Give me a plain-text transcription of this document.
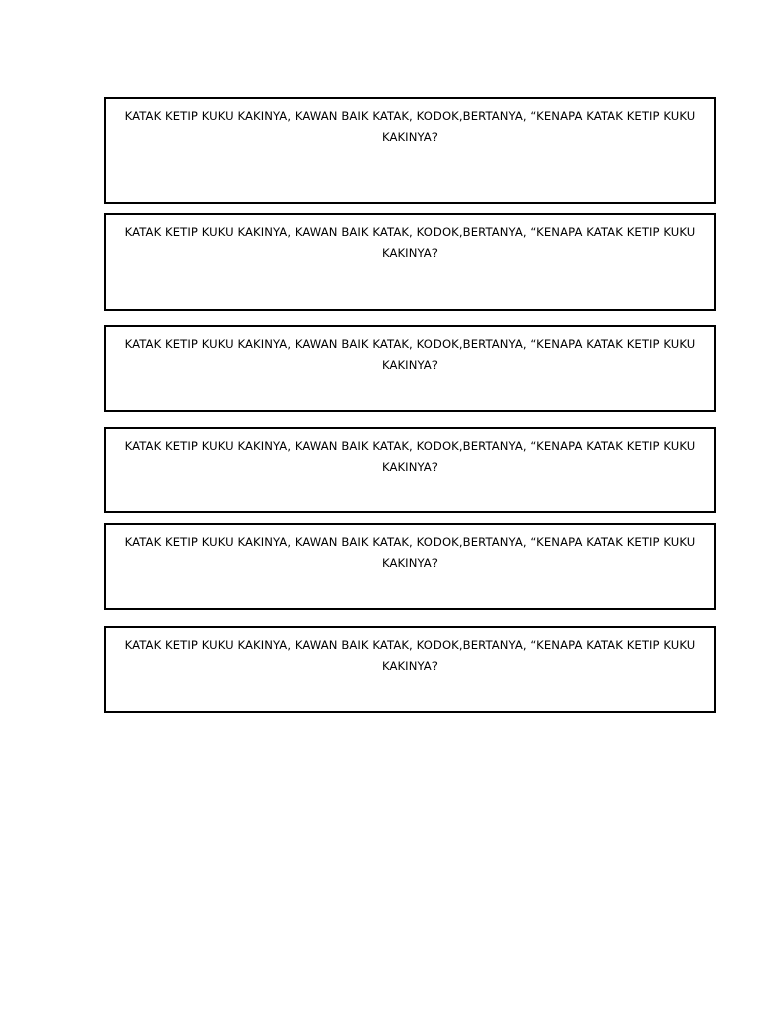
KATAK KETIP KUKU KAKINYA, KAWAN BAIK KATAK, KODOK,BERTANYA, “KENAPA KATAK KETIP KUKU KAKINYA?

KATAK KETIP KUKU KAKINYA, KAWAN BAIK KATAK, KODOK,BERTANYA, “KENAPA KATAK KETIP KUKU KAKINYA?

KATAK KETIP KUKU KAKINYA, KAWAN BAIK KATAK, KODOK,BERTANYA, “KENAPA KATAK KETIP KUKU KAKINYA?

KATAK KETIP KUKU KAKINYA, KAWAN BAIK KATAK, KODOK,BERTANYA, “KENAPA KATAK KETIP KUKU KAKINYA?

KATAK KETIP KUKU KAKINYA, KAWAN BAIK KATAK, KODOK,BERTANYA, “KENAPA KATAK KETIP KUKU KAKINYA?

KATAK KETIP KUKU KAKINYA, KAWAN BAIK KATAK, KODOK,BERTANYA, “KENAPA KATAK KETIP KUKU KAKINYA?
